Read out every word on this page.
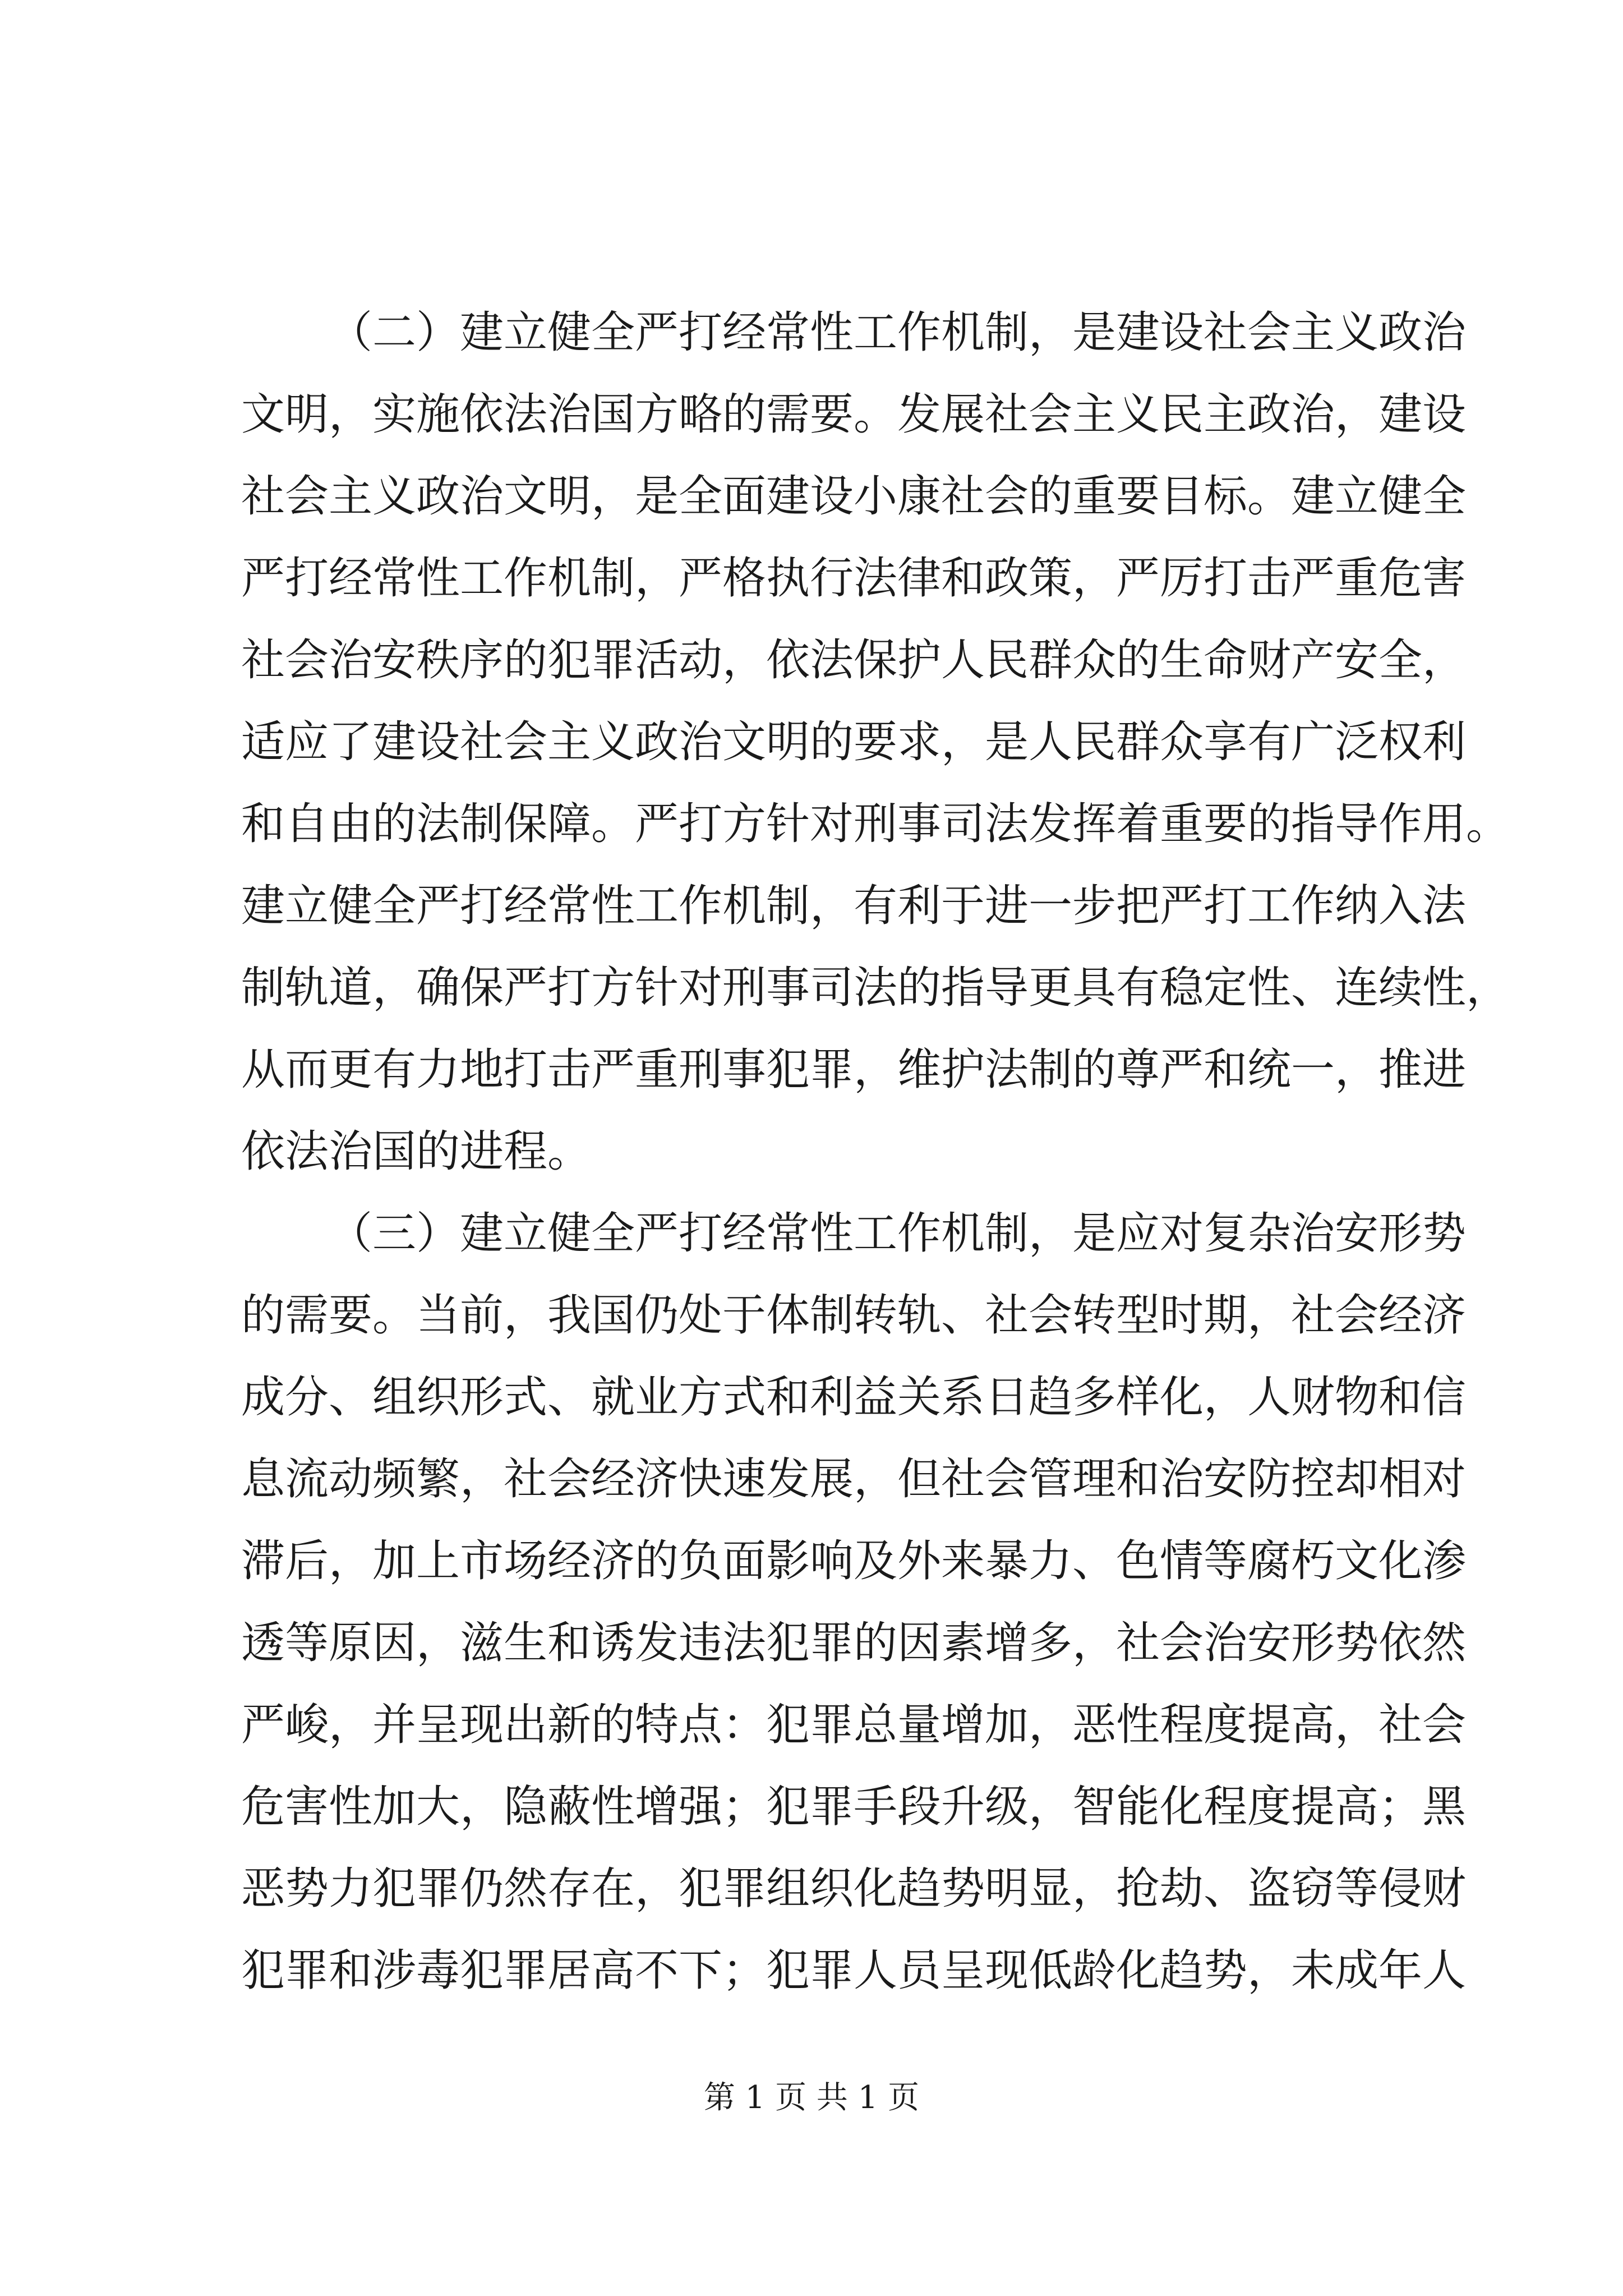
（二）建立健全严打经常性工作机制，是建设社会主义政治
文明，实施依法治国方略的需要。发展社会主义民主政治，建设
社会主义政治文明，是全面建设小康社会的重要目标。建立健全
严打经常性工作机制，严格执行法律和政策，严厉打击严重危害
社会治安秩序的犯罪活动，依法保护人民群众的生命财产安全，
适应了建设社会主义政治文明的要求，是人民群众享有广泛权利
和自由的法制保障。严打方针对刑事司法发挥着重要的指导作用。
建立健全严打经常性工作机制，有利于进一步把严打工作纳入法
制轨道，确保严打方针对刑事司法的指导更具有稳定性、连续性，
从而更有力地打击严重刑事犯罪，维护法制的尊严和统一，推进
依法治国的进程。
（三）建立健全严打经常性工作机制，是应对复杂治安形势
的需要。当前，我国仍处于体制转轨、社会转型时期，社会经济
成分、组织形式、就业方式和利益关系日趋多样化，人财物和信
息流动频繁，社会经济快速发展，但社会管理和治安防控却相对
滞后，加上市场经济的负面影响及外来暴力、色情等腐朽文化渗
透等原因，滋生和诱发违法犯罪的因素增多，社会治安形势依然
严峻，并呈现出新的特点：犯罪总量增加，恶性程度提高，社会
危害性加大，隐蔽性增强；犯罪手段升级，智能化程度提高；黑
恶势力犯罪仍然存在，犯罪组织化趋势明显，抢劫、盗窃等侵财
犯罪和涉毒犯罪居高不下；犯罪人员呈现低龄化趋势，未成年人
第 1 页 共 1 页
